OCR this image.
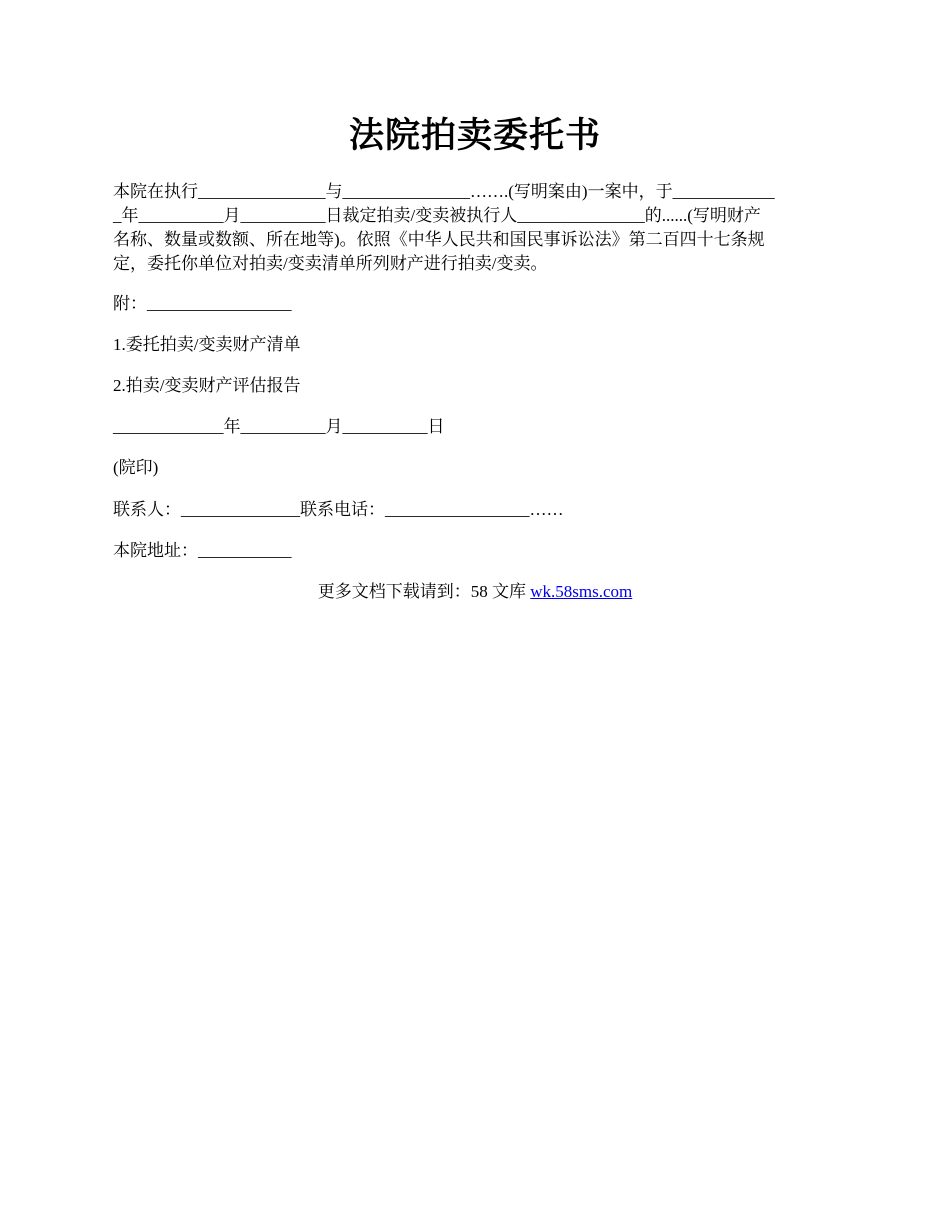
法院拍卖委托书
本院在执行_______________与_______________…….(写明案由)一案中，于____________
_年__________月__________日裁定拍卖/变卖被执行人_______________的......(写明财产
名称、数量或数额、所在地等)。依照《中华人民共和国民事诉讼法》第二百四十七条规
定，委托你单位对拍卖/变卖清单所列财产进行拍卖/变卖。
附：_________________
1.委托拍卖/变卖财产清单
2.拍卖/变卖财产评估报告
_____________年__________月__________日
(院印)
联系人：______________联系电话：_________________……
本院地址：___________
更多文档下载请到：58 文库 wk.58sms.com
